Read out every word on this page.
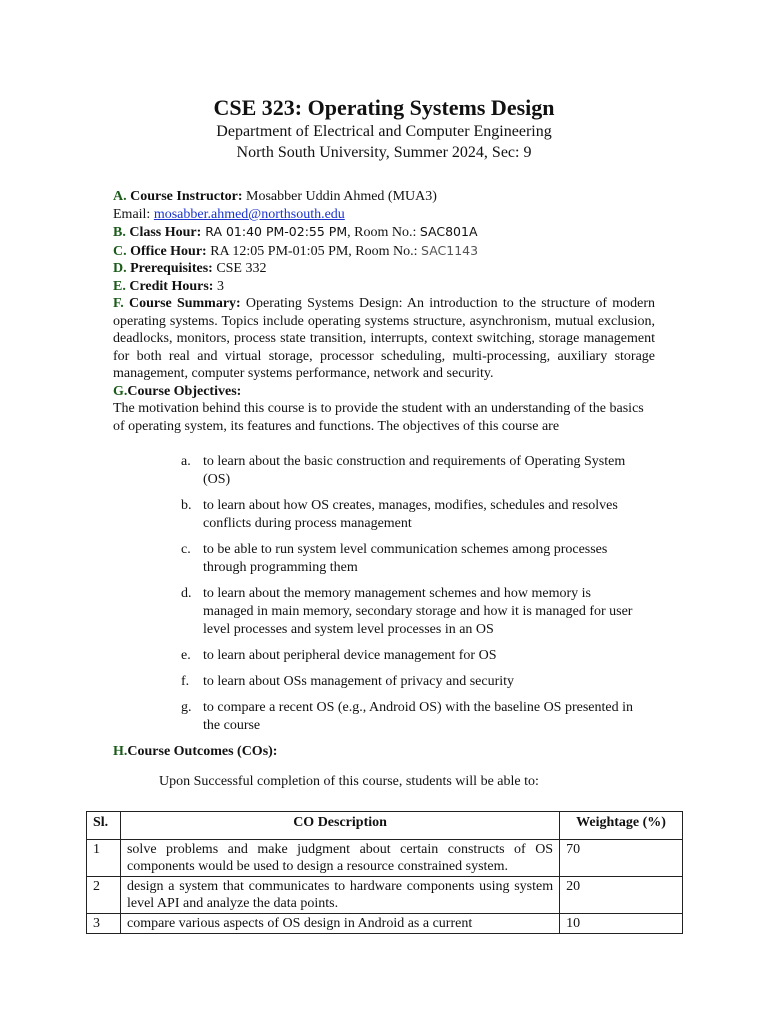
CSE 323: Operating Systems Design
Department of Electrical and Computer Engineering
North South University, Summer 2024, Sec: 9
A. Course Instructor: Mosabber Uddin Ahmed (MUA3)
Email: mosabber.ahmed@northsouth.edu
B. Class Hour: RA 01:40 PM-02:55 PM, Room No.: SAC801A
C. Office Hour: RA 12:05 PM-01:05 PM, Room No.: SAC1143
D. Prerequisites: CSE 332
E. Credit Hours: 3
F. Course Summary: Operating Systems Design: An introduction to the structure of modern operating systems. Topics include operating systems structure, asynchronism, mutual exclusion, deadlocks, monitors, process state transition, interrupts, context switching, storage management for both real and virtual storage, processor scheduling, multi-processing, auxiliary storage management, computer systems performance, network and security.
G.Course Objectives:
The motivation behind this course is to provide the student with an understanding of the basics of operating system, its features and functions. The objectives of this course are
a. to learn about the basic construction and requirements of Operating System (OS)
b. to learn about how OS creates, manages, modifies, schedules and resolves conflicts during process management
c. to be able to run system level communication schemes among processes through programming them
d. to learn about the memory management schemes and how memory is managed in main memory, secondary storage and how it is managed for user level processes and system level processes in an OS
e. to learn about peripheral device management for OS
f. to learn about OSs management of privacy and security
g. to compare a recent OS (e.g., Android OS) with the baseline OS presented in the course
H.Course Outcomes (COs):
Upon Successful completion of this course, students will be able to:
Sl.	CO Description	Weightage (%)
1	solve problems and make judgment about certain constructs of OS components would be used to design a resource constrained system.	70
2	design a system that communicates to hardware components using system level API and analyze the data points.	20
3	compare various aspects of OS design in Android as a current	10
